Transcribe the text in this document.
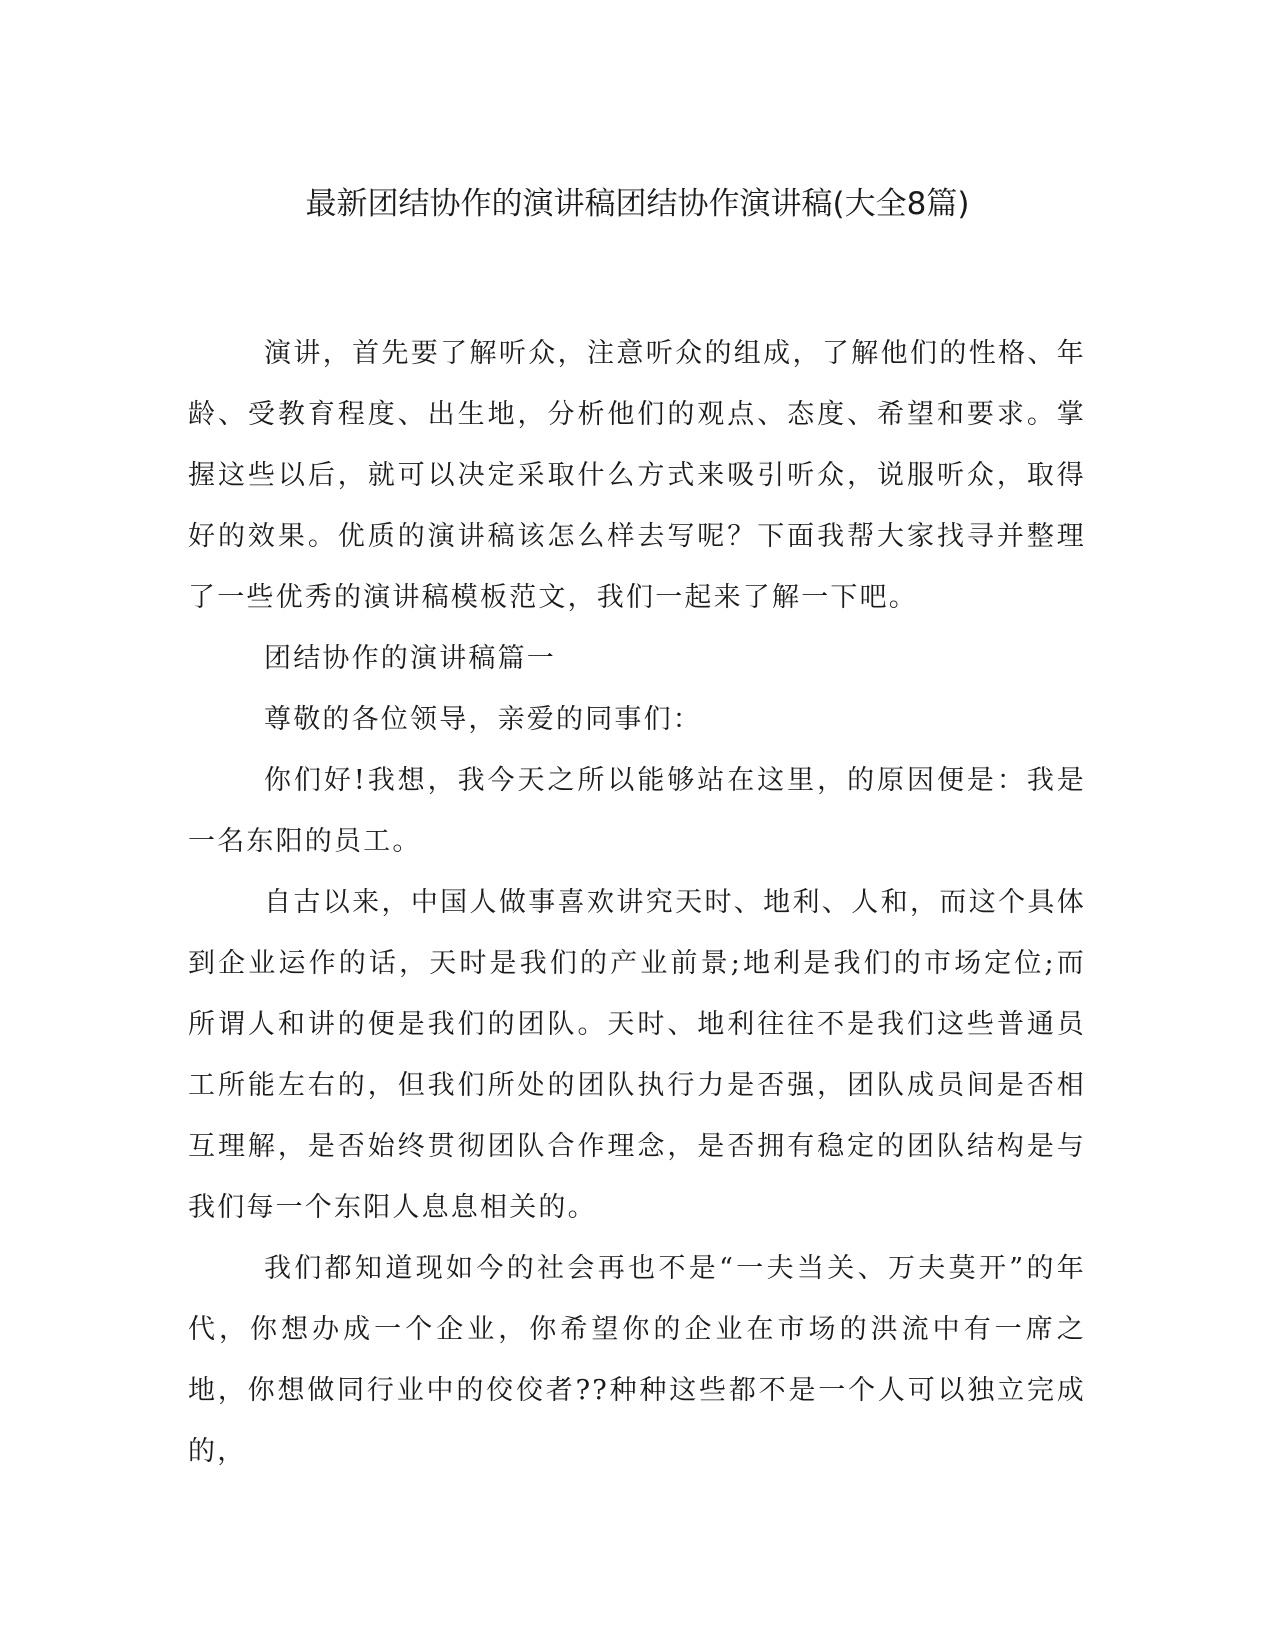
最新团结协作的演讲稿团结协作演讲稿(大全8篇)

演讲，首先要了解听众，注意听众的组成，了解他们的性格、年龄、受教育程度、出生地，分析他们的观点、态度、希望和要求。掌握这些以后，就可以决定采取什么方式来吸引听众，说服听众，取得好的效果。优质的演讲稿该怎么样去写呢？下面我帮大家找寻并整理了一些优秀的演讲稿模板范文，我们一起来了解一下吧。

团结协作的演讲稿篇一

尊敬的各位领导，亲爱的同事们：

你们好!我想，我今天之所以能够站在这里，的原因便是：我是一名东阳的员工。

自古以来，中国人做事喜欢讲究天时、地利、人和，而这个具体到企业运作的话，天时是我们的产业前景;地利是我们的市场定位;而所谓人和讲的便是我们的团队。天时、地利往往不是我们这些普通员工所能左右的，但我们所处的团队执行力是否强，团队成员间是否相互理解，是否始终贯彻团队合作理念，是否拥有稳定的团队结构是与我们每一个东阳人息息相关的。

我们都知道现如今的社会再也不是“一夫当关、万夫莫开”的年代，你想办成一个企业，你希望你的企业在市场的洪流中有一席之地，你想做同行业中的佼佼者??种种这些都不是一个人可以独立完成的，
